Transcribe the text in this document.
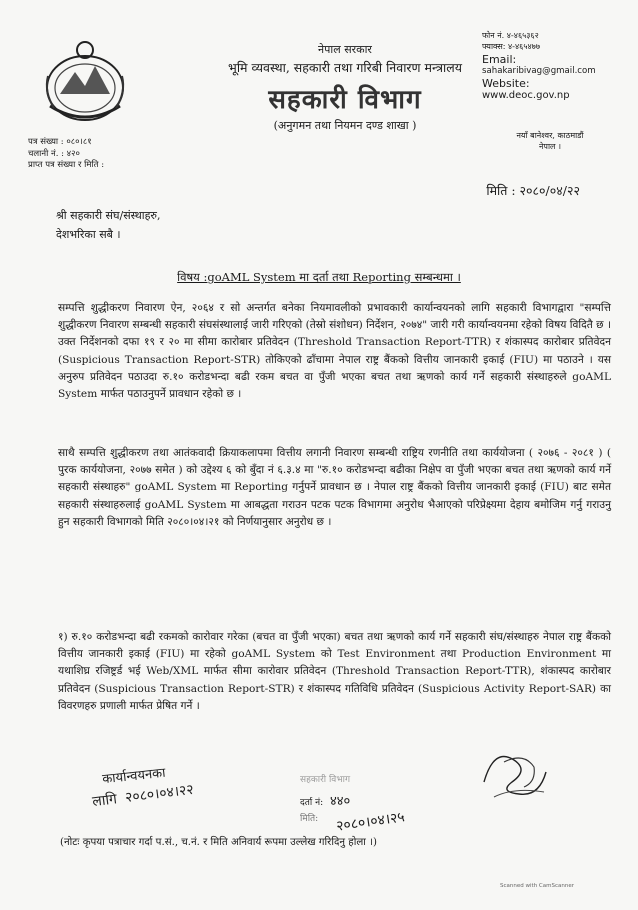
नेपाल सरकार
भूमि व्यवस्था, सहकारी तथा गरिबी निवारण मन्त्रालय
सहकारी विभाग
(अनुगमन तथा नियमन दण्ड शाखा )
फोन नं. ४-४६५३६२
फ्याक्स: ४-४६५४७७
Email:
sahakaribivag@gmail.com
Website:
www.deoc.gov.np
नयाँ बानेश्वर, काठमाडौं
नेपाल ।
पत्र संख्या : ०८०।८१
चलानी नं. : ४२०
प्राप्त पत्र संख्या र मिति :
मिति : २०८०/०४/२२
श्री सहकारी संघ/संस्थाहरु,
देशभरिका सबै ।
विषय :goAML System मा दर्ता तथा Reporting सम्बन्धमा ।
सम्पत्ति शुद्धीकरण निवारण ऐन, २०६४ र सो अन्तर्गत बनेका नियमावलीको प्रभावकारी कार्यान्वयनको लागि सहकारी विभागद्वारा "सम्पत्ति शुद्धीकरण निवारण सम्बन्धी सहकारी संघसंस्थालाई जारी गरिएको (तेस्रो संशोधन) निर्देशन, २०७४" जारी गरी कार्यान्वयनमा रहेको विषय विदितै छ । उक्त निर्देशनको दफा १९ र २० मा सीमा कारोबार प्रतिवेदन (Threshold Transaction Report-TTR) र शंकास्पद कारोबार प्रतिवेदन (Suspicious Transaction Report-STR) तोकिएको ढाँचामा नेपाल राष्ट्र बैंकको वित्तीय जानकारी इकाई (FIU) मा पठाउने । यस अनुरुप प्रतिवेदन पठाउदा रु.१० करोडभन्दा बढी रकम बचत वा पुँजी भएका बचत तथा ऋणको कार्य गर्ने सहकारी संस्थाहरुले goAML System मार्फत पठाउनुपर्ने प्रावधान रहेको छ ।
साथै सम्पत्ति शुद्धीकरण तथा आतंकवादी क्रियाकलापमा वित्तीय लगानी निवारण सम्बन्धी राष्ट्रिय रणनीति तथा कार्ययोजना ( २०७६ - २०८१ ) ( पुरक कार्ययोजना, २०७७ समेत ) को उद्देश्य ६ को बुँदा नं ६.३.४ मा "रु.१० करोडभन्दा बढीका निक्षेप वा पुँजी भएका बचत तथा ऋणको कार्य गर्ने सहकारी संस्थाहरु" goAML System मा Reporting गर्नुपर्ने प्रावधान छ । नेपाल राष्ट्र बैंकको वित्तीय जानकारी इकाई (FIU) बाट समेत सहकारी संस्थाहरुलाई goAML System मा आबद्धता गराउन पटक पटक विभागमा अनुरोध भैआएको परिप्रेक्ष्यमा देहाय बमोजिम गर्नु गराउनु हुन सहकारी विभागको मिति २०८०।०४।२१ को निर्णयानुसार अनुरोध छ ।
१) रु.१० करोडभन्दा बढी रकमको कारोवार गरेका (बचत वा पुँजी भएका) बचत तथा ऋणको कार्य गर्ने सहकारी संघ/संस्थाहरु नेपाल राष्ट्र बैंकको वित्तीय जानकारी इकाई (FIU) मा रहेको goAML System को Test Environment तथा Production Environment मा यथाशिघ्र रजिष्ट्रर्ड भई Web/XML मार्फत सीमा कारोवार प्रतिवेदन (Threshold Transaction Report-TTR), शंकास्पद कारोबार प्रतिवेदन (Suspicious Transaction Report-STR) र शंकास्पद गतिविधि प्रतिवेदन (Suspicious Activity Report-SAR) का विवरणहरु प्रणाली मार्फत प्रेषित गर्ने ।
कार्यान्वयनका
लागि २०८०।०४।२२
सहकारी विभाग
दर्ता नं: ४४०
मिति: २०८०।०४।२५
(नोटः कृपया पत्राचार गर्दा प.सं., च.नं. र मिति अनिवार्य रूपमा उल्लेख गरिदिनु होला ।)
Scanned with CamScanner
